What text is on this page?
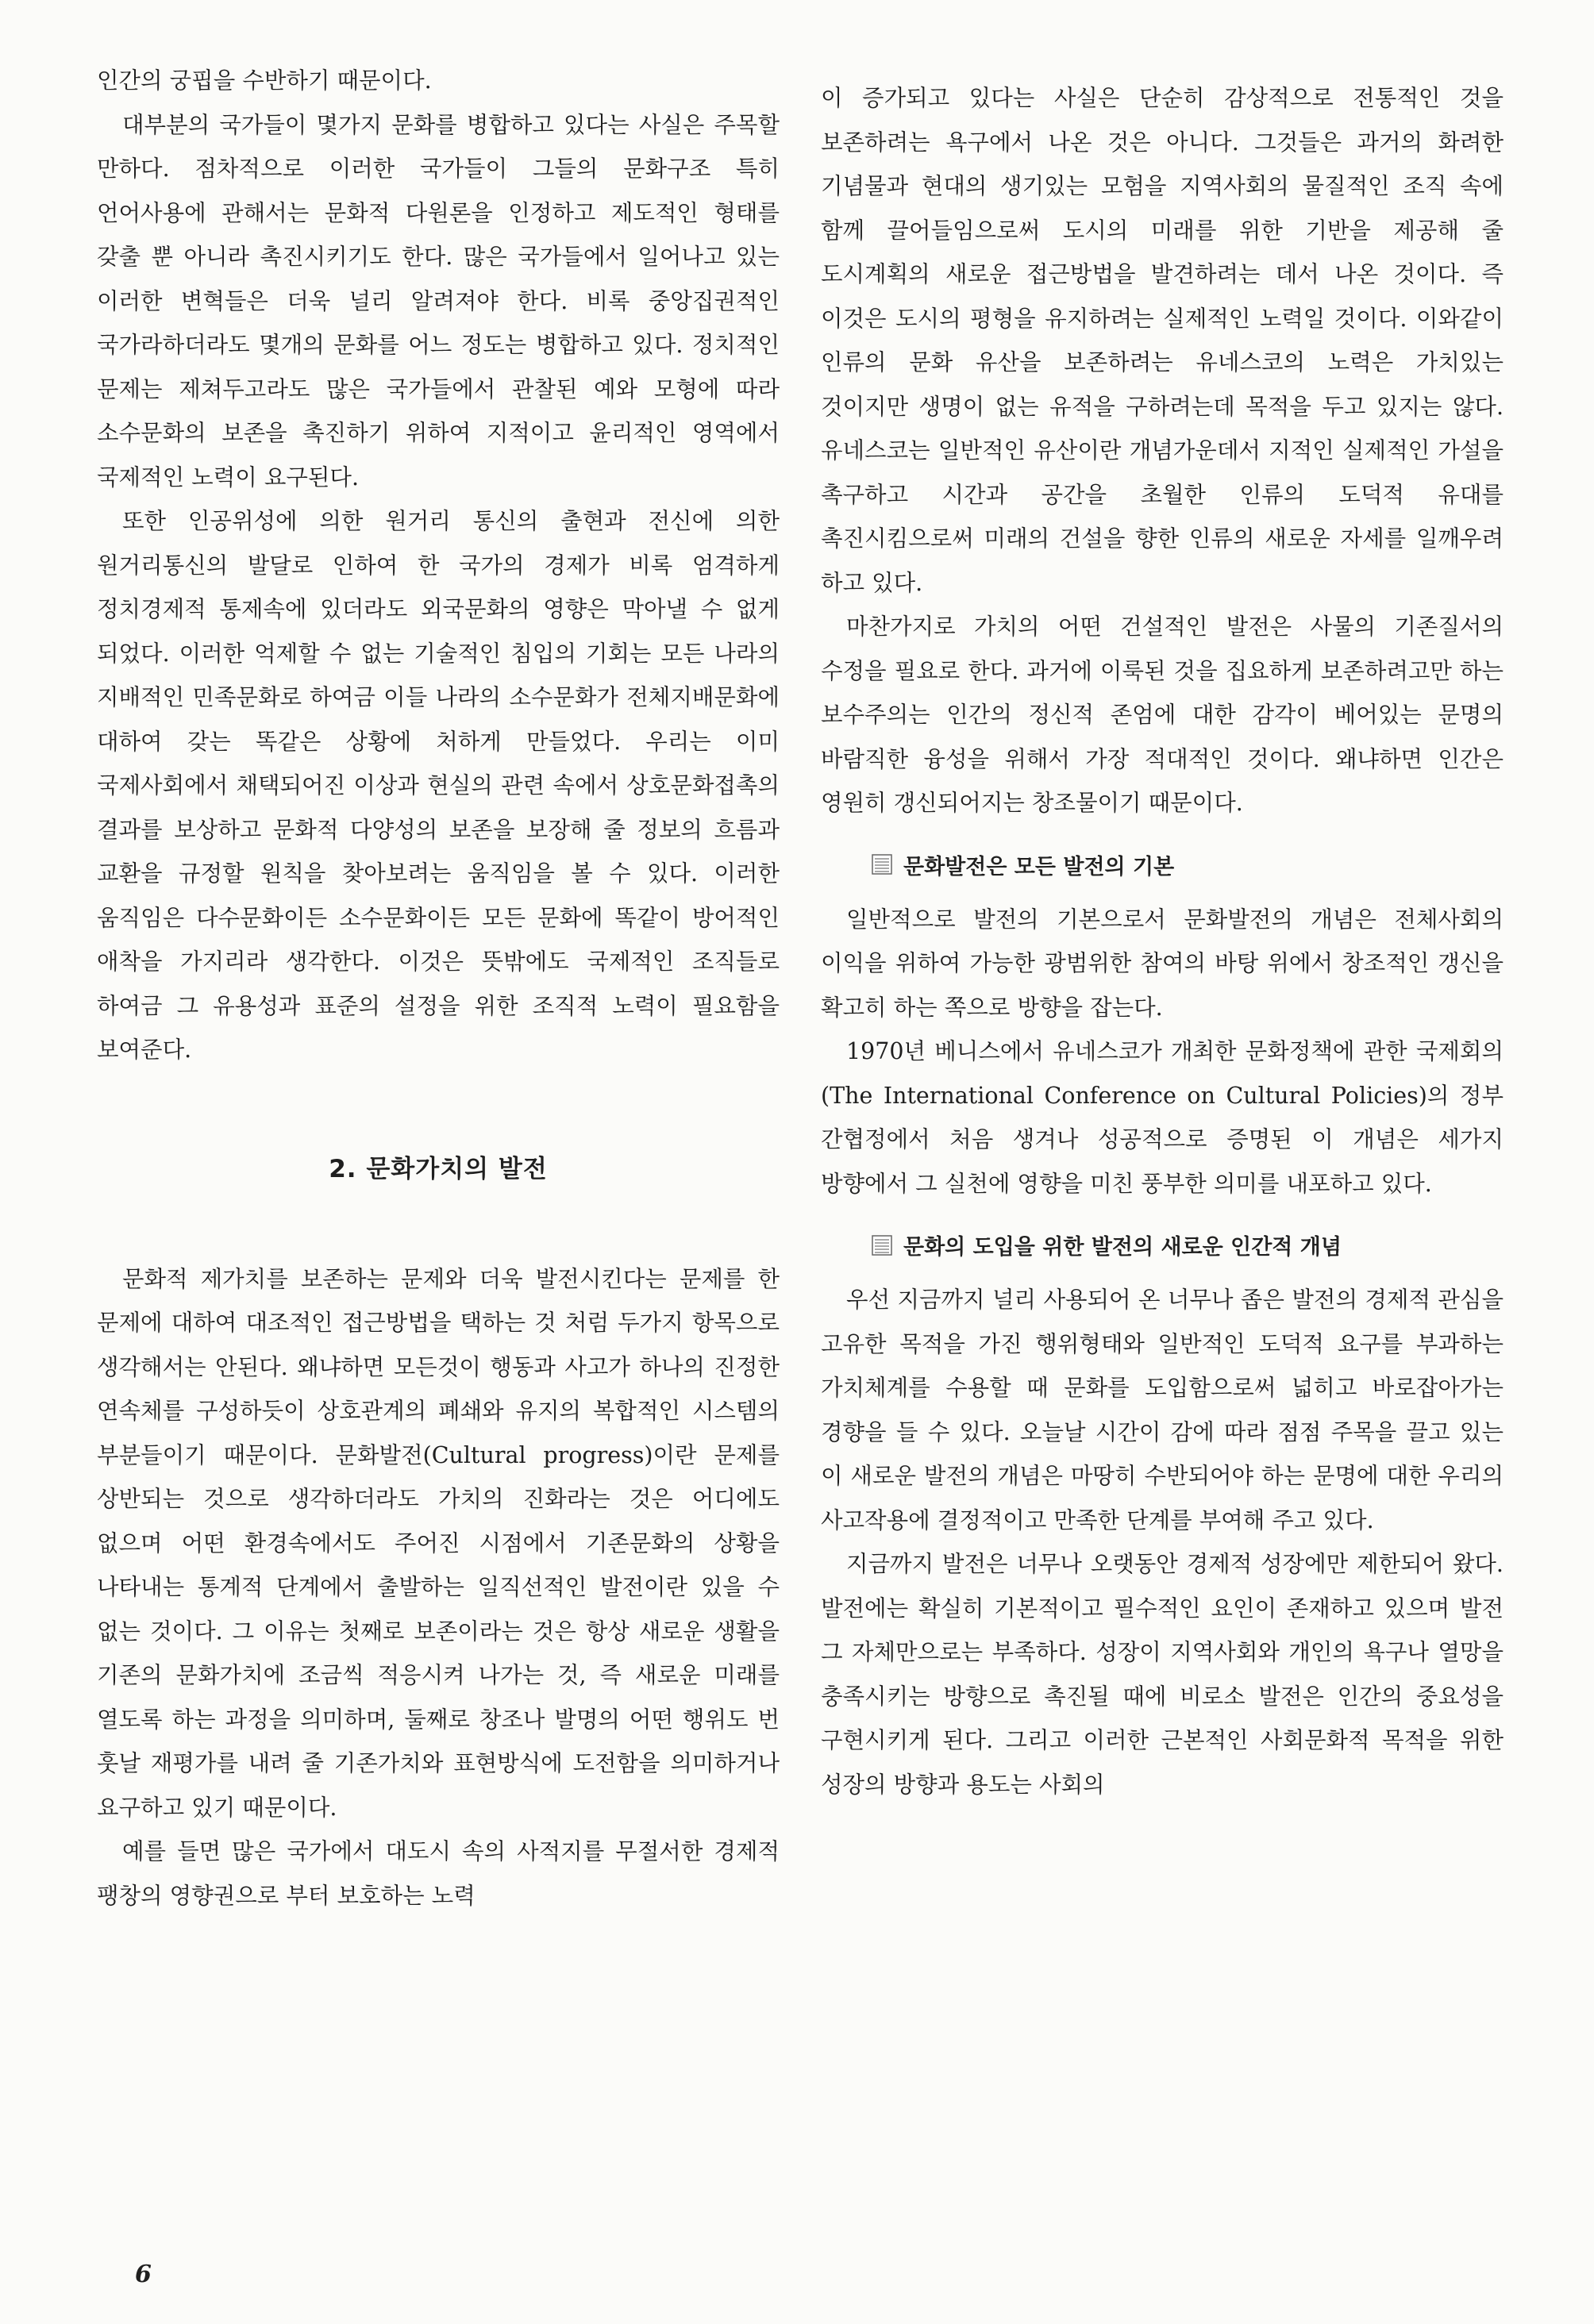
인간의 궁핍을 수반하기 때문이다.

대부분의 국가들이 몇가지 문화를 병합하고 있다는 사실은 주목할 만하다. 점차적으로 이러한 국가들이 그들의 문화구조 특히 언어사용에 관해서는 문화적 다원론을 인정하고 제도적인 형태를 갖출 뿐 아니라 촉진시키기도 한다. 많은 국가들에서 일어나고 있는 이러한 변혁들은 더욱 널리 알려져야 한다. 비록 중앙집권적인 국가라하더라도 몇개의 문화를 어느 정도는 병합하고 있다. 정치적인 문제는 제쳐두고라도 많은 국가들에서 관찰된 예와 모형에 따라 소수문화의 보존을 촉진하기 위하여 지적이고 윤리적인 영역에서 국제적인 노력이 요구된다.

또한 인공위성에 의한 원거리 통신의 출현과 전신에 의한 원거리통신의 발달로 인하여 한 국가의 경제가 비록 엄격하게 정치경제적 통제속에 있더라도 외국문화의 영향은 막아낼 수 없게 되었다. 이러한 억제할 수 없는 기술적인 침입의 기회는 모든 나라의 지배적인 민족문화로 하여금 이들 나라의 소수문화가 전체지배문화에 대하여 갖는 똑같은 상황에 처하게 만들었다. 우리는 이미 국제사회에서 채택되어진 이상과 현실의 관련 속에서 상호문화접촉의 결과를 보상하고 문화적 다양성의 보존을 보장해 줄 정보의 흐름과 교환을 규정할 원칙을 찾아보려는 움직임을 볼 수 있다. 이러한 움직임은 다수문화이든 소수문화이든 모든 문화에 똑같이 방어적인 애착을 가지리라 생각한다. 이것은 뜻밖에도 국제적인 조직들로 하여금 그 유용성과 표준의 설정을 위한 조직적 노력이 필요함을 보여준다.

2. 문화가치의 발전

문화적 제가치를 보존하는 문제와 더욱 발전시킨다는 문제를 한 문제에 대하여 대조적인 접근방법을 택하는 것 처럼 두가지 항목으로 생각해서는 안된다. 왜냐하면 모든것이 행동과 사고가 하나의 진정한 연속체를 구성하듯이 상호관계의 폐쇄와 유지의 복합적인 시스템의 부분들이기 때문이다. 문화발전(Cultural progress)이란 문제를 상반되는 것으로 생각하더라도 가치의 진화라는 것은 어디에도 없으며 어떤 환경속에서도 주어진 시점에서 기존문화의 상황을 나타내는 통계적 단계에서 출발하는 일직선적인 발전이란 있을 수 없는 것이다. 그 이유는 첫째로 보존이라는 것은 항상 새로운 생활을 기존의 문화가치에 조금씩 적응시켜 나가는 것, 즉 새로운 미래를 열도록 하는 과정을 의미하며, 둘째로 창조나 발명의 어떤 행위도 번 훗날 재평가를 내려 줄 기존가치와 표현방식에 도전함을 의미하거나 요구하고 있기 때문이다.

예를 들면 많은 국가에서 대도시 속의 사적지를 무절서한 경제적 팽창의 영향권으로 부터 보호하는 노력

이 증가되고 있다는 사실은 단순히 감상적으로 전통적인 것을 보존하려는 욕구에서 나온 것은 아니다. 그것들은 과거의 화려한 기념물과 현대의 생기있는 모험을 지역사회의 물질적인 조직 속에 함께 끌어들임으로써 도시의 미래를 위한 기반을 제공해 줄 도시계획의 새로운 접근방법을 발견하려는 데서 나온 것이다. 즉 이것은 도시의 평형을 유지하려는 실제적인 노력일 것이다. 이와같이 인류의 문화 유산을 보존하려는 유네스코의 노력은 가치있는 것이지만 생명이 없는 유적을 구하려는데 목적을 두고 있지는 않다. 유네스코는 일반적인 유산이란 개념가운데서 지적인 실제적인 가설을 촉구하고 시간과 공간을 초월한 인류의 도덕적 유대를 촉진시킴으로써 미래의 건설을 향한 인류의 새로운 자세를 일깨우려 하고 있다.

마찬가지로 가치의 어떤 건설적인 발전은 사물의 기존질서의 수정을 필요로 한다. 과거에 이룩된 것을 집요하게 보존하려고만 하는 보수주의는 인간의 정신적 존엄에 대한 감각이 베어있는 문명의 바람직한 융성을 위해서 가장 적대적인 것이다. 왜냐하면 인간은 영원히 갱신되어지는 창조물이기 때문이다.

문화발전은 모든 발전의 기본

일반적으로 발전의 기본으로서 문화발전의 개념은 전체사회의 이익을 위하여 가능한 광범위한 참여의 바탕 위에서 창조적인 갱신을 확고히 하는 쪽으로 방향을 잡는다.

1970년 베니스에서 유네스코가 개최한 문화정책에 관한 국제회의(The International Conference on Cultural Policies)의 정부 간협정에서 처음 생겨나 성공적으로 증명된 이 개념은 세가지 방향에서 그 실천에 영향을 미친 풍부한 의미를 내포하고 있다.

문화의 도입을 위한 발전의 새로운 인간적 개념

우선 지금까지 널리 사용되어 온 너무나 좁은 발전의 경제적 관심을 고유한 목적을 가진 행위형태와 일반적인 도덕적 요구를 부과하는 가치체계를 수용할 때 문화를 도입함으로써 넓히고 바로잡아가는 경향을 들 수 있다. 오늘날 시간이 감에 따라 점점 주목을 끌고 있는 이 새로운 발전의 개념은 마땅히 수반되어야 하는 문명에 대한 우리의 사고작용에 결정적이고 만족한 단계를 부여해 주고 있다.

지금까지 발전은 너무나 오랫동안 경제적 성장에만 제한되어 왔다. 발전에는 확실히 기본적이고 필수적인 요인이 존재하고 있으며 발전 그 자체만으로는 부족하다. 성장이 지역사회와 개인의 욕구나 열망을 충족시키는 방향으로 촉진될 때에 비로소 발전은 인간의 중요성을 구현시키게 된다. 그리고 이러한 근본적인 사회문화적 목적을 위한 성장의 방향과 용도는 사회의

6
